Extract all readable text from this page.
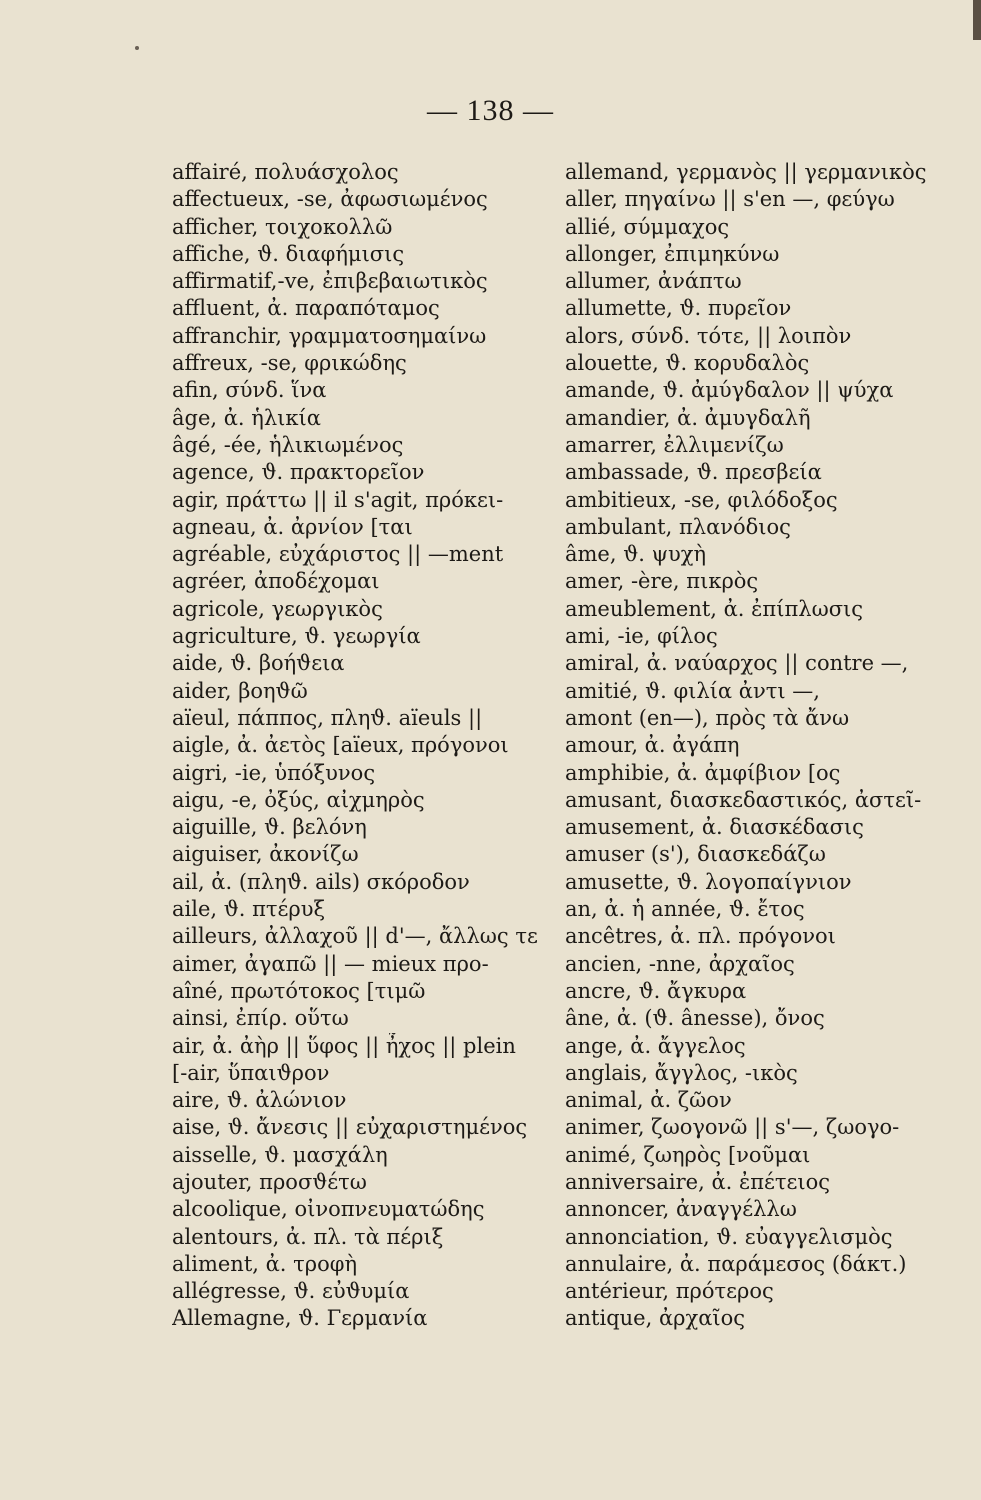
— 138 —
affairé, πολυάσχολος
affectueux, -se, ἀφωσιωμένος
afficher, τοιχοκολλῶ
affiche, ϑ. διαφήμισις
affirmatif,-ve, ἐπιβεβαιωτικὸς
affluent, ἀ. παραπόταμος
affranchir, γραμματοσημαίνω
affreux, -se, φρικώδης
afin, σύνδ. ἵνα
âge, ἀ. ἡλικία
âgé, -ée, ἡλικιωμένος
agence, ϑ. πρακτορεῖον
agir, πράττω || il s'agit, πρόκει-
agneau, ἀ. ἀρνίον [ται
agréable, εὐχάριστος || —ment
agréer, ἀποδέχομαι
agricole, γεωργικὸς
agriculture, ϑ. γεωργία
aide, ϑ. βοήϑεια
aider, βοηϑῶ
aïeul, πάππος, πληϑ. aïeuls ||
aigle, ἀ. ἀετὸς [aïeux, πρόγονοι
aigri, -ie, ὑπόξυνος
aigu, -e, ὀξύς, αἰχμηρὸς
aiguille, ϑ. βελόνη
aiguiser, ἀκονίζω
ail, ἀ. (πληϑ. ails) σκόροδον
aile, ϑ. πτέρυξ
ailleurs, ἀλλαχοῦ || d'—, ἄλλως τε
aimer, ἀγαπῶ || — mieux προ-
aîné, πρωτότοκος [τιμῶ
ainsi, ἐπίρ. οὕτω
air, ἀ. ἀὴρ || ὕφος || ἦχος || plein
[-air, ὕπαιϑρον
aire, ϑ. ἀλώνιον
aise, ϑ. ἄνεσις || εὐχαριστημένος
aisselle, ϑ. μασχάλη
ajouter, προσϑέτω
alcoolique, οἰνοπνευματώδης
alentours, ἀ. πλ. τὰ πέριξ
aliment, ἀ. τροφὴ
allégresse, ϑ. εὐϑυμία
Allemagne, ϑ. Γερμανία
allemand, γερμανὸς || γερμανικὸς
aller, πηγαίνω || s'en —, φεύγω
allié, σύμμαχος
allonger, ἐπιμηκύνω
allumer, ἀνάπτω
allumette, ϑ. πυρεῖον
alors, σύνδ. τότε, || λοιπὸν
alouette, ϑ. κορυδαλὸς
amande, ϑ. ἀμύγδαλον || ψύχα
amandier, ἀ. ἀμυγδαλῆ
amarrer, ἐλλιμενίζω
ambassade, ϑ. πρεσβεία
ambitieux, -se, φιλόδοξος
ambulant, πλανόδιος
âme, ϑ. ψυχὴ
amer, -ère, πικρὸς
ameublement, ἀ. ἐπίπλωσις
ami, -ie, φίλος
amiral, ἀ. ναύαρχος || contre —,
amitié, ϑ. φιλία ἀντι —,
amont (en—), πρὸς τὰ ἄνω
amour, ἀ. ἀγάπη
amphibie, ἀ. ἀμφίβιον [ος
amusant, διασκεδαστικός, ἀστεῖ-
amusement, ἀ. διασκέδασις
amuser (s'), διασκεδάζω
amusette, ϑ. λογοπαίγνιον
an, ἀ. ἡ année, ϑ. ἔτος
ancêtres, ἀ. πλ. πρόγονοι
ancien, -nne, ἀρχαῖος
ancre, ϑ. ἄγκυρα
âne, ἀ. (ϑ. ânesse), ὄνος
ange, ἀ. ἄγγελος
anglais, ἄγγλος, -ικὸς
animal, ἀ. ζῶον
animer, ζωογονῶ || s'—, ζωογο-
animé, ζωηρὸς [νοῦμαι
anniversaire, ἀ. ἐπέτειος
annoncer, ἀναγγέλλω
annonciation, ϑ. εὐαγγελισμὸς
annulaire, ἀ. παράμεσος (δάκτ.)
antérieur, πρότερος
antique, ἀρχαῖος
